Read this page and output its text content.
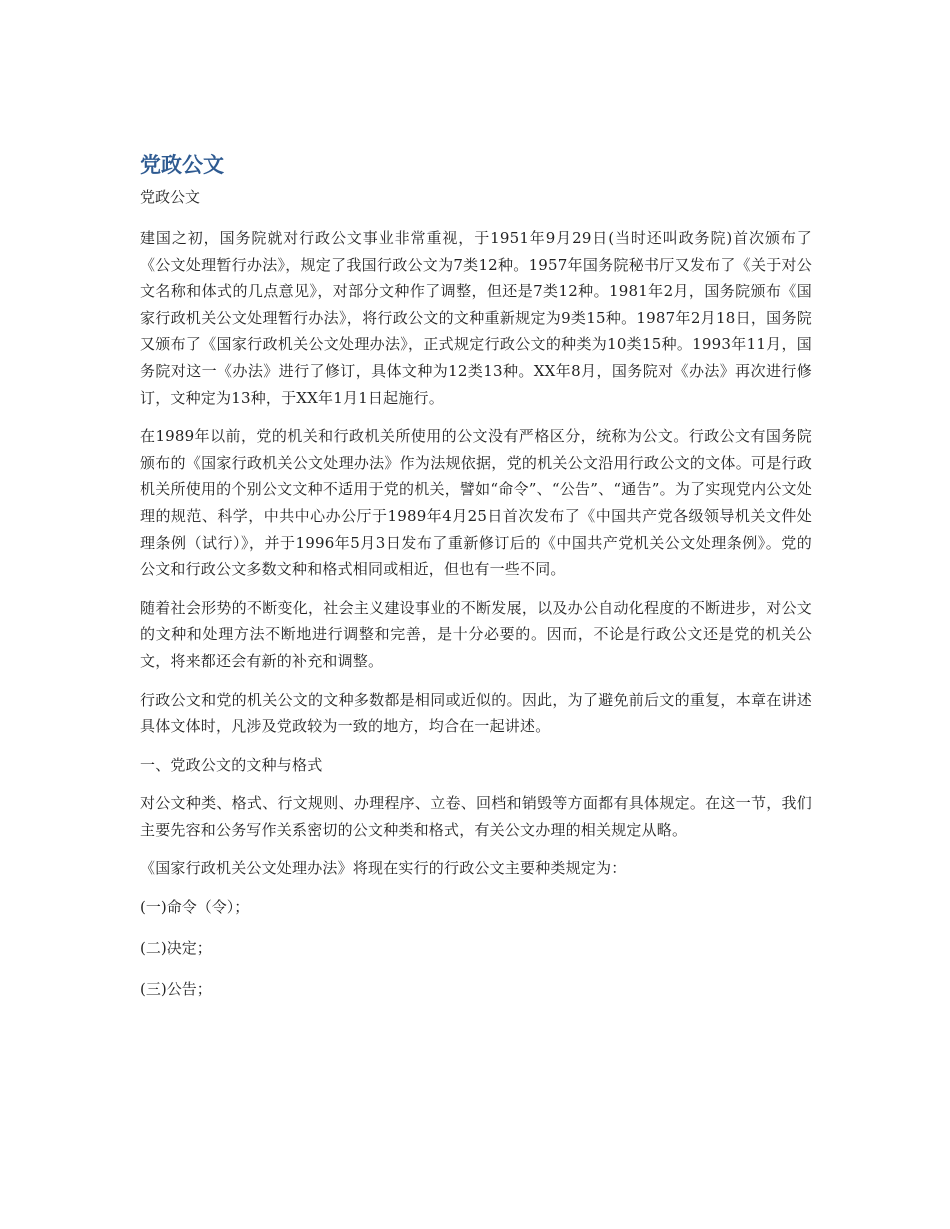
党政公文
党政公文

建国之初，国务院就对行政公文事业非常重视，于1951年9月29日(当时还叫政务院)首次颁布了《公文处理暂行办法》，规定了我国行政公文为7类12种。1957年国务院秘书厅又发布了《关于对公文名称和体式的几点意见》，对部分文种作了调整，但还是7类12种。1981年2月，国务院颁布《国家行政机关公文处理暂行办法》，将行政公文的文种重新规定为9类15种。1987年2月18日，国务院又颁布了《国家行政机关公文处理办法》，正式规定行政公文的种类为10类15种。1993年11月，国务院对这一《办法》进行了修订，具体文种为12类13种。XX年8月，国务院对《办法》再次进行修订，文种定为13种，于XX年1月1日起施行。

在1989年以前，党的机关和行政机关所使用的公文没有严格区分，统称为公文。行政公文有国务院颁布的《国家行政机关公文处理办法》作为法规依据，党的机关公文沿用行政公文的文体。可是行政机关所使用的个别公文文种不适用于党的机关，譬如“命令”、“公告”、“通告”。为了实现党内公文处理的规范、科学，中共中心办公厅于1989年4月25日首次发布了《中国共产党各级领导机关文件处理条例（试行）》，并于1996年5月3日发布了重新修订后的《中国共产党机关公文处理条例》。党的公文和行政公文多数文种和格式相同或相近，但也有一些不同。

随着社会形势的不断变化，社会主义建设事业的不断发展，以及办公自动化程度的不断进步，对公文的文种和处理方法不断地进行调整和完善，是十分必要的。因而，不论是行政公文还是党的机关公文，将来都还会有新的补充和调整。

行政公文和党的机关公文的文种多数都是相同或近似的。因此，为了避免前后文的重复，本章在讲述具体文体时，凡涉及党政较为一致的地方，均合在一起讲述。

一、党政公文的文种与格式

对公文种类、格式、行文规则、办理程序、立卷、回档和销毁等方面都有具体规定。在这一节，我们主要先容和公务写作关系密切的公文种类和格式，有关公文办理的相关规定从略。

《国家行政机关公文处理办法》将现在实行的行政公文主要种类规定为：

(一)命令（令）；
(二)决定；
(三)公告；
